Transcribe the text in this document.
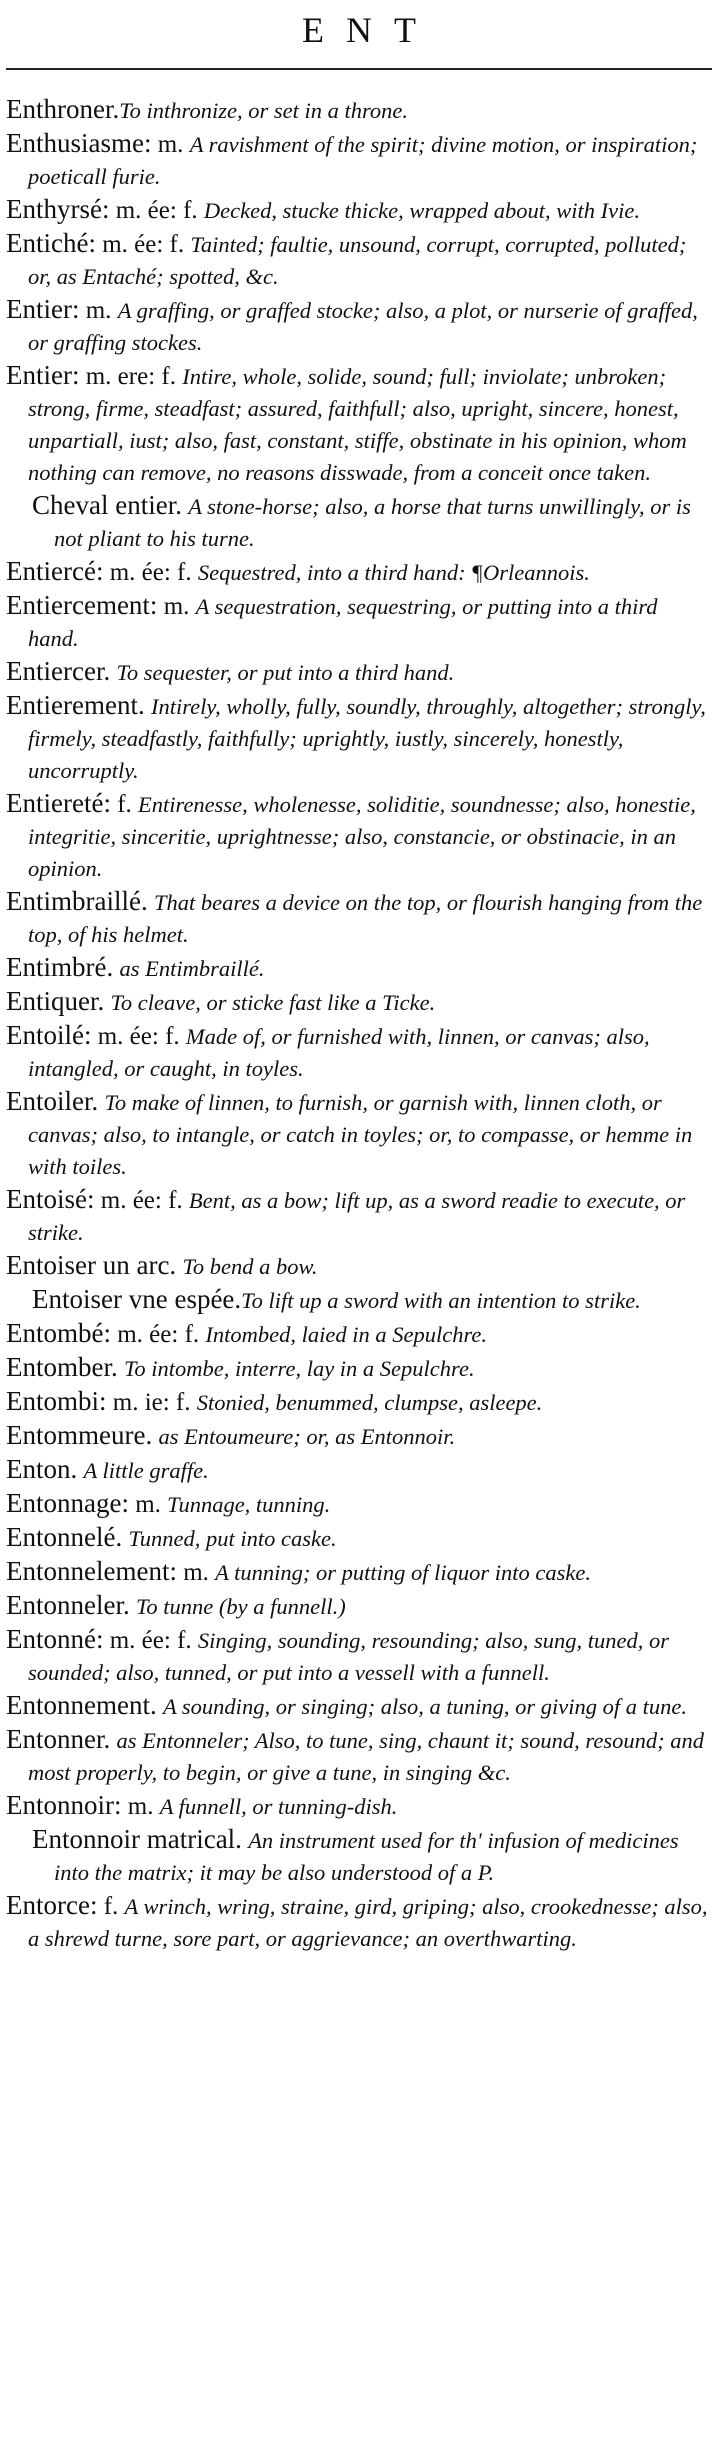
ENT

Enthroner.To inthronize, or set in a throne.

Enthusiasme: m. A ravishment of the spirit; divine motion, or inspiration; poeticall furie.

Enthyrsé: m. ée: f. Decked, stucke thicke, wrapped about, with Ivie.

Entiché: m. ée: f. Tainted; faultie, unsound, corrupt, corrupted, polluted; or, as Entaché; spotted, &c.

Entier: m. A graffing, or graffed stocke; also, a plot, or nurserie of graffed, or graffing stockes.

Entier: m. ere: f. Intire, whole, solide, sound; full; inviolate; unbroken; strong, firme, steadfast; assured, faithfull; also, upright, sincere, honest, unpartiall, iust; also, fast, constant, stiffe, obstinate in his opinion, whom nothing can remove, no reasons disswade, from a conceit once taken.

Cheval entier. A stone-horse; also, a horse that turns unwillingly, or is not pliant to his turne.

Entiercé: m. ée: f. Sequestred, into a third hand: ¶Orleannois.

Entiercement: m. A sequestration, sequestring, or putting into a third hand.

Entiercer. To sequester, or put into a third hand.

Entierement. Intirely, wholly, fully, soundly, throughly, altogether; strongly, firmely, steadfastly, faithfully; uprightly, iustly, sincerely, honestly, uncorruptly.

Entiereté: f. Entirenesse, wholenesse, soliditie, soundnesse; also, honestie, integritie, sinceritie, uprightnesse; also, constancie, or obstinacie, in an opinion.

Entimbraillé. That beares a device on the top, or flourish hanging from the top, of his helmet.

Entimbré. as Entimbraillé.

Entiquer. To cleave, or sticke fast like a Ticke.

Entoilé: m. ée: f. Made of, or furnished with, linnen, or canvas; also, intangled, or caught, in toyles.

Entoiler. To make of linnen, to furnish, or garnish with, linnen cloth, or canvas; also, to intangle, or catch in toyles; or, to compasse, or hemme in with toiles.

Entoisé: m. ée: f. Bent, as a bow; lift up, as a sword readie to execute, or strike.

Entoiser un arc. To bend a bow.

Entoiser vne espée.To lift up a sword with an intention to strike.

Entombé: m. ée: f. Intombed, laied in a Sepulchre.

Entomber. To intombe, interre, lay in a Sepulchre.

Entombi: m. ie: f. Stonied, benummed, clumpse, asleepe.

Entommeure. as Entoumeure; or, as Entonnoir.

Enton. A little graffe.

Entonnage: m. Tunnage, tunning.

Entonnelé. Tunned, put into caske.

Entonnelement: m. A tunning; or putting of liquor into caske.

Entonneler. To tunne (by a funnell.)

Entonné: m. ée: f. Singing, sounding, resounding; also, sung, tuned, or sounded; also, tunned, or put into a vessell with a funnell.

Entonnement. A sounding, or singing; also, a tuning, or giving of a tune.

Entonner. as Entonneler; Also, to tune, sing, chaunt it; sound, resound; and most properly, to begin, or give a tune, in singing &c.

Entonnoir: m. A funnell, or tunning-dish.

Entonnoir matrical. An instrument used for th' infusion of medicines into the matrix; it may be also understood of a P.

Entorce: f. A wrinch, wring, straine, gird, griping; also, crookednesse; also, a shrewd turne, sore part, or aggrievance; an overthwarting.
